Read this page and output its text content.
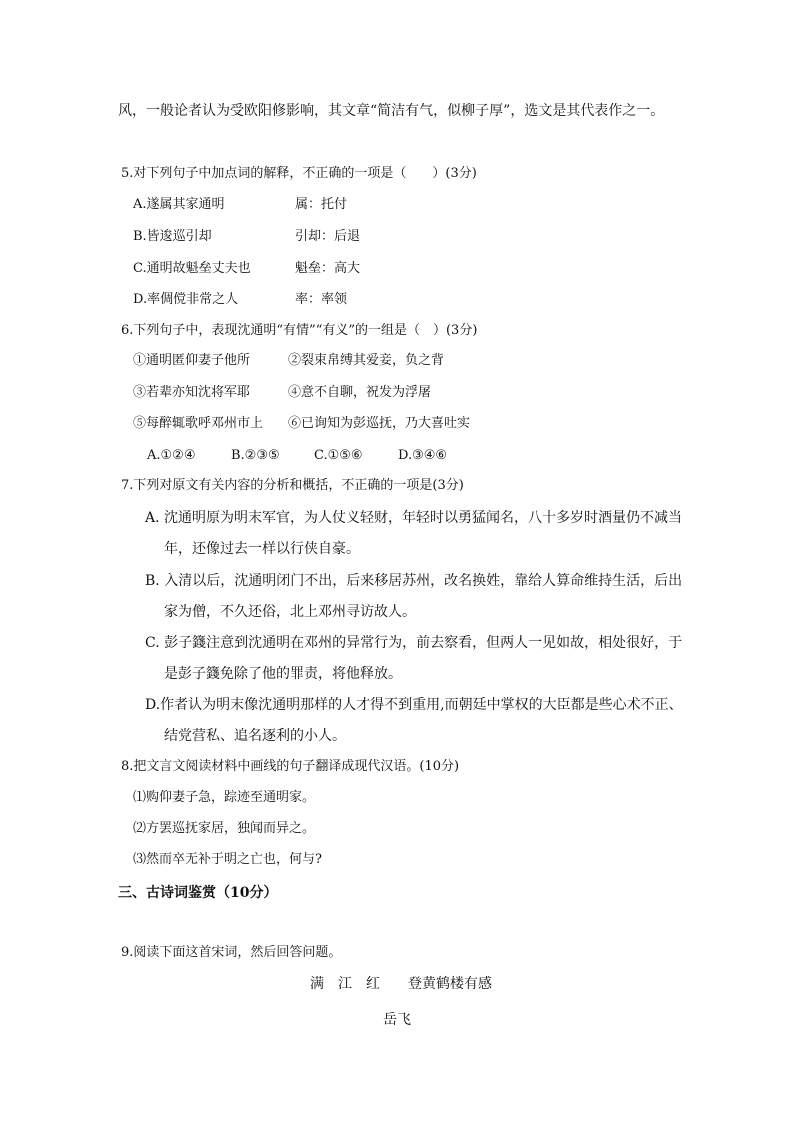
风，一般论者认为受欧阳修影响，其文章“简洁有气，似柳子厚”，选文是其代表作之一。
5.对下列句子中加点词的解释，不正确的一项是（　　）(3分)
A.遂属其家通明	属：托付
B.皆逡巡引却	引却：后退
C.通明故魁垒丈夫也	魁垒：高大
D.率倜傥非常之人	率：率领
6.下列句子中，表现沈通明“有情”“有义”的一组是（　）(3分)
①通明匿仰妻子他所	②裂束帛缚其爱妾，负之背
③若辈亦知沈将军耶	④意不自聊，祝发为浮屠
⑤每醉辄歌呼邓州市上 ⑥已询知为彭巡抚，乃大喜吐实
A.①②④	B.②③⑤	C.①⑤⑥	D.③④⑥
7.下列对原文有关内容的分析和概括，不正确的一项是(3分)
A. 沈通明原为明末军官，为人仗义轻财，年轻时以勇猛闻名，八十多岁时酒量仍不减当
年，还像过去一样以行侠自豪。
B. 入清以后，沈通明闭门不出，后来移居苏州，改名换姓，靠给人算命维持生活，后出
家为僧，不久还俗，北上邓州寻访故人。
C. 彭子籛注意到沈通明在邓州的异常行为，前去察看，但两人一见如故，相处很好，于
是彭子籛免除了他的罪责，将他释放。
D.作者认为明末像沈通明那样的人才得不到重用,而朝廷中掌权的大臣都是些心术不正、
结党营私、追名逐利的小人。
8.把文言文阅读材料中画线的句子翻译成现代汉语。(10分)
⑴购仰妻子急，踪迹至通明家。
⑵方罢巡抚家居，独闻而异之。
⑶然而卒无补于明之亡也，何与?
三、古诗词鉴赏（10分）
9.阅读下面这首宋词，然后回答问题。
满　江　红　　登黄鹤楼有感
岳飞
